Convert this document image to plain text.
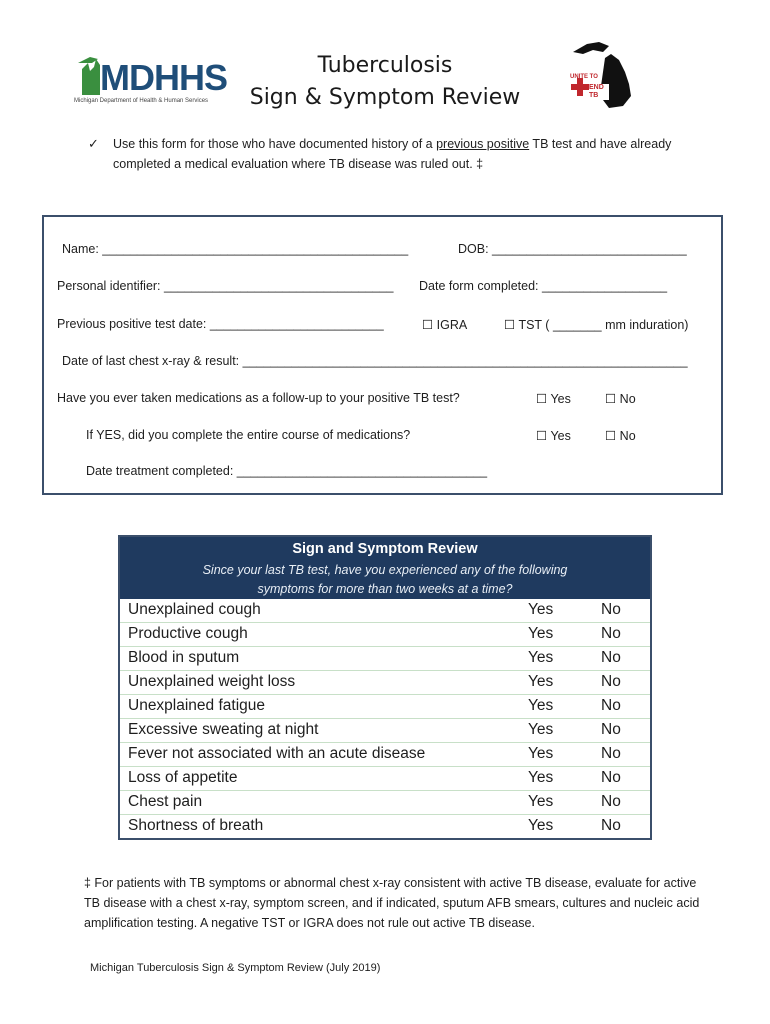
MDHHS
Michigan Department of Health & Human Services
Tuberculosis
Sign & Symptom Review
UNITE TO
END TB
✓ Use this form for those who have documented history of a previous positive TB test and have already completed a medical evaluation where TB disease was ruled out. ‡
Name: ____________________________________________	DOB: ____________________________
Personal identifier: _________________________________ Date form completed: __________________
Previous positive test date: _________________________	☐ IGRA	☐ TST ( _______ mm induration)
Date of last chest x-ray & result: ________________________________________________________________
Have you ever taken medications as a follow-up to your positive TB test?	☐ Yes	☐ No
If YES, did you complete the entire course of medications?	☐ Yes	☐ No
Date treatment completed: ____________________________________
Sign and Symptom Review
Since your last TB test, have you experienced any of the following
symptoms for more than two weeks at a time?
Unexplained cough	Yes	No
Productive cough	Yes	No
Blood in sputum	Yes	No
Unexplained weight loss	Yes	No
Unexplained fatigue	Yes	No
Excessive sweating at night	Yes	No
Fever not associated with an acute disease	Yes	No
Loss of appetite	Yes	No
Chest pain	Yes	No
Shortness of breath	Yes	No
‡ For patients with TB symptoms or abnormal chest x-ray consistent with active TB disease, evaluate for active TB disease with a chest x-ray, symptom screen, and if indicated, sputum AFB smears, cultures and nucleic acid amplification testing. A negative TST or IGRA does not rule out active TB disease.
Michigan Tuberculosis Sign & Symptom Review (July 2019)
